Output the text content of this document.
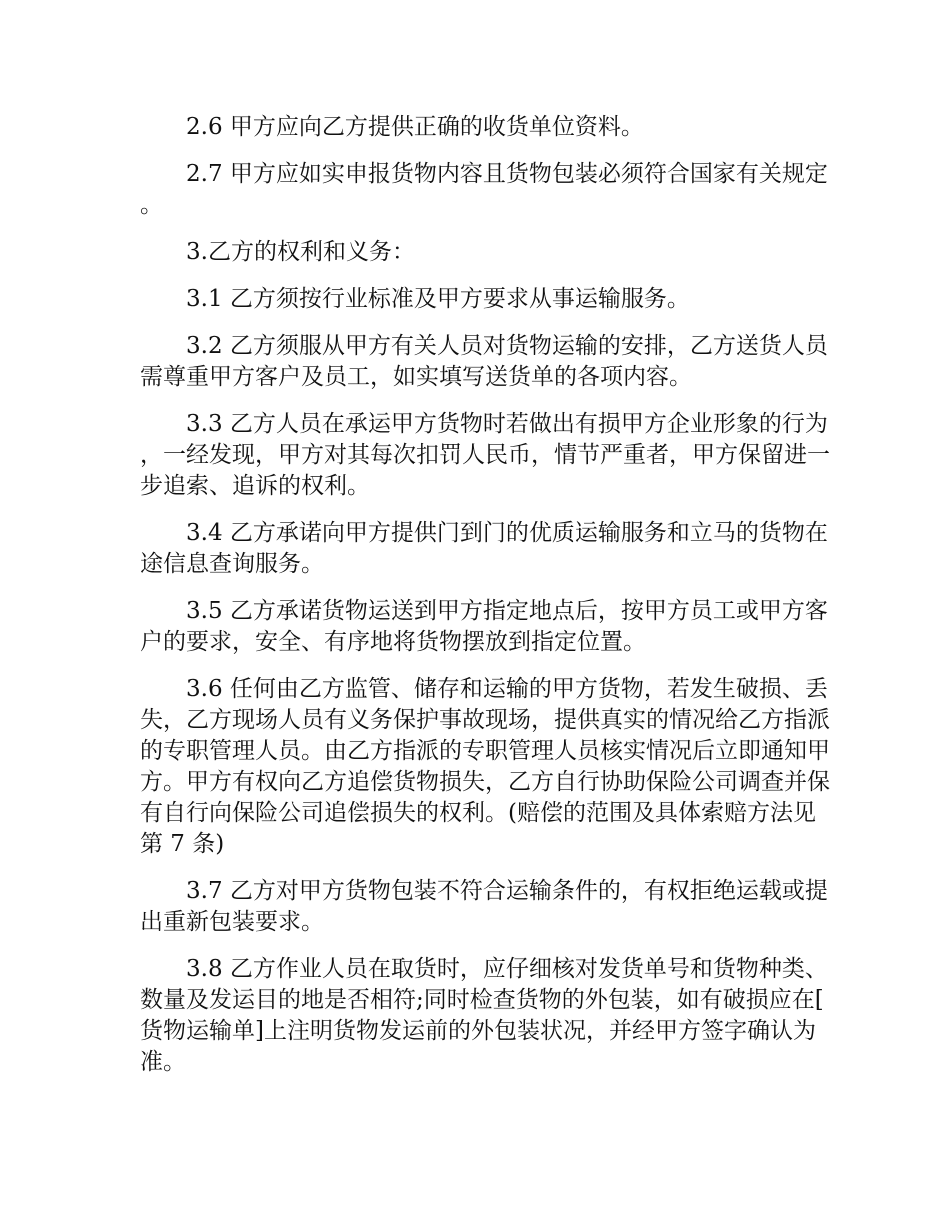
2.6 甲方应向乙方提供正确的收货单位资料。

2.7 甲方应如实申报货物内容且货物包装必须符合国家有关规定。

3.乙方的权利和义务：

3.1 乙方须按行业标准及甲方要求从事运输服务。

3.2 乙方须服从甲方有关人员对货物运输的安排，乙方送货人员需尊重甲方客户及员工，如实填写送货单的各项内容。

3.3 乙方人员在承运甲方货物时若做出有损甲方企业形象的行为，一经发现，甲方对其每次扣罚人民币，情节严重者，甲方保留进一步追索、追诉的权利。

3.4 乙方承诺向甲方提供门到门的优质运输服务和立马的货物在途信息查询服务。

3.5 乙方承诺货物运送到甲方指定地点后，按甲方员工或甲方客户的要求，安全、有序地将货物摆放到指定位置。

3.6 任何由乙方监管、储存和运输的甲方货物，若发生破损、丢失，乙方现场人员有义务保护事故现场，提供真实的情况给乙方指派的专职管理人员。由乙方指派的专职管理人员核实情况后立即通知甲方。甲方有权向乙方追偿货物损失，乙方自行协助保险公司调查并保有自行向保险公司追偿损失的权利。(赔偿的范围及具体索赔方法见第 7 条)

3.7 乙方对甲方货物包装不符合运输条件的，有权拒绝运载或提出重新包装要求。

3.8 乙方作业人员在取货时，应仔细核对发货单号和货物种类、数量及发运目的地是否相符;同时检查货物的外包装，如有破损应在[货物运输单]上注明货物发运前的外包装状况，并经甲方签字确认为准。
